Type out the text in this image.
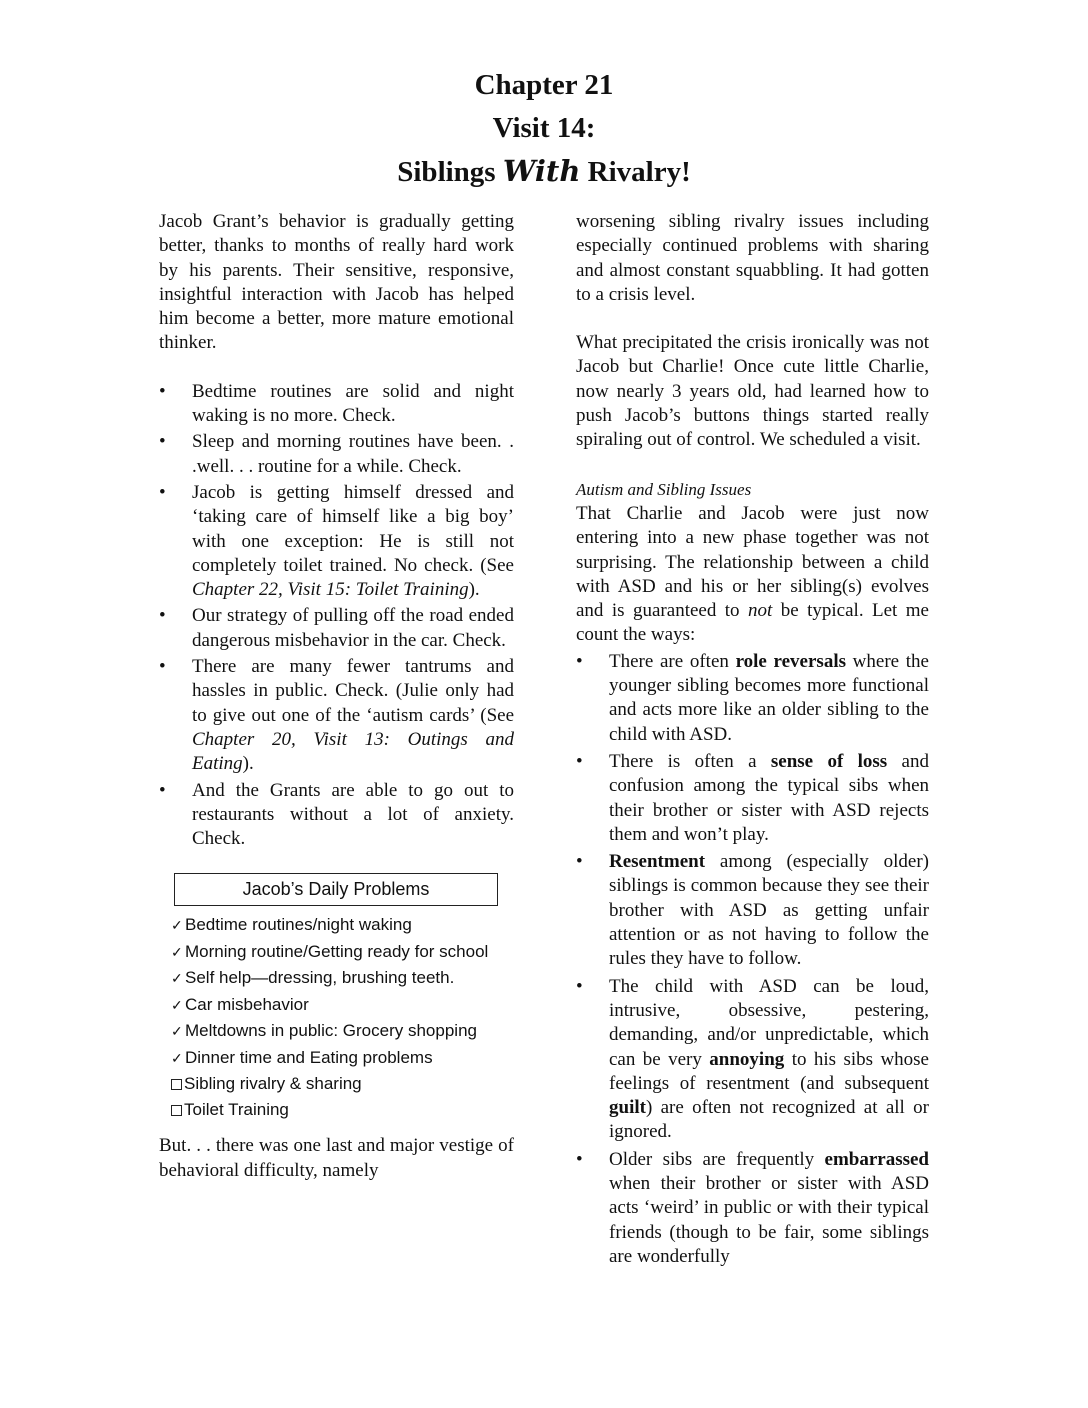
Chapter 21
Visit 14:
Siblings With Rivalry!

Jacob Grant’s behavior is gradually getting better, thanks to months of really hard work by his parents. Their sensitive, responsive, insightful interaction with Jacob has helped him become a better, more mature emotional thinker.

• Bedtime routines are solid and night waking is no more. Check.
• Sleep and morning routines have been. . .well. . . routine for a while. Check.
• Jacob is getting himself dressed and ‘taking care of himself like a big boy’ with one exception: He is still not completely toilet trained. No check. (See Chapter 22, Visit 15: Toilet Training).
• Our strategy of pulling off the road ended dangerous misbehavior in the car. Check.
• There are many fewer tantrums and hassles in public. Check. (Julie only had to give out one of the ‘autism cards’ (See Chapter 20, Visit 13: Outings and Eating).
• And the Grants are able to go out to restaurants without a lot of anxiety. Check.
Jacob’s Daily Problems
✓ Bedtime routines/night waking
✓ Morning routine/Getting ready for school
✓ Self help—dressing, brushing teeth.
✓ Car misbehavior
✓ Meltdowns in public: Grocery shopping
✓ Dinner time and Eating problems
Sibling rivalry & sharing
Toilet Training

But. . . there was one last and major vestige of behavioral difficulty, namely

worsening sibling rivalry issues including especially continued problems with sharing and almost constant squabbling. It had gotten to a crisis level.

What precipitated the crisis ironically was not Jacob but Charlie! Once cute little Charlie, now nearly 3 years old, had learned how to push Jacob’s buttons things started really spiraling out of control. We scheduled a visit.

Autism and Sibling Issues

That Charlie and Jacob were just now entering into a new phase together was not surprising. The relationship between a child with ASD and his or her sibling(s) evolves and is guaranteed to not be typical. Let me count the ways:

• There are often role reversals where the younger sibling becomes more functional and acts more like an older sibling to the child with ASD.
• There is often a sense of loss and confusion among the typical sibs when their brother or sister with ASD rejects them and won’t play.
• Resentment among (especially older) siblings is common because they see their brother with ASD as getting unfair attention or as not having to follow the rules they have to follow.
• The child with ASD can be loud, intrusive, obsessive, pestering, demanding, and/or unpredictable, which can be very annoying to his sibs whose feelings of resentment (and subsequent guilt) are often not recognized at all or ignored.
• Older sibs are frequently embarrassed when their brother or sister with ASD acts ‘weird’ in public or with their typical friends (though to be fair, some siblings are wonderfully
